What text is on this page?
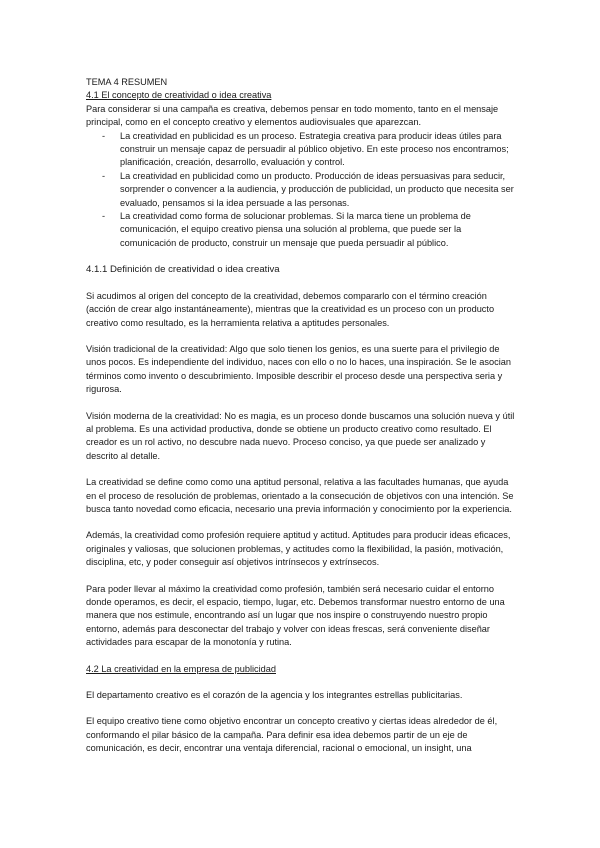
TEMA 4 RESUMEN

4.1 El concepto de creatividad o idea creativa

Para considerar si una campaña es creativa, debemos pensar en todo momento, tanto en el mensaje principal, como en el concepto creativo y elementos audiovisuales que aparezcan.

- La creatividad en publicidad es un proceso. Estrategia creativa para producir ideas útiles para construir un mensaje capaz de persuadir al público objetivo. En este proceso nos encontramos; planificación, creación, desarrollo, evaluación y control.
- La creatividad en publicidad como un producto. Producción de ideas persuasivas para seducir, sorprender o convencer a la audiencia, y producción de publicidad, un producto que necesita ser evaluado, pensamos si la idea persuade a las personas.
- La creatividad como forma de solucionar problemas. Si la marca tiene un problema de comunicación, el equipo creativo piensa una solución al problema, que puede ser la comunicación de producto, construir un mensaje que pueda persuadir al público.

4.1.1 Definición de creatividad o idea creativa

Si acudimos al origen del concepto de la creatividad, debemos compararlo con el término creación (acción de crear algo instantáneamente), mientras que la creatividad es un proceso con un producto creativo como resultado, es la herramienta relativa a aptitudes personales.

Visión tradicional de la creatividad: Algo que solo tienen los genios, es una suerte para el privilegio de unos pocos. Es independiente del individuo, naces con ello o no lo haces, una inspiración. Se le asocian términos como invento o descubrimiento. Imposible describir el proceso desde una perspectiva seria y rigurosa.

Visión moderna de la creatividad: No es magia, es un proceso donde buscamos una solución nueva y útil al problema. Es una actividad productiva, donde se obtiene un producto creativo como resultado. El creador es un rol activo, no descubre nada nuevo. Proceso conciso, ya que puede ser analizado y descrito al detalle.

La creatividad se define como como una aptitud personal, relativa a las facultades humanas, que ayuda en el proceso de resolución de problemas, orientado a la consecución de objetivos con una intención. Se busca tanto novedad como eficacia, necesario una previa información y conocimiento por la experiencia.

Además, la creatividad como profesión requiere aptitud y actitud. Aptitudes para producir ideas eficaces, originales y valiosas, que solucionen problemas, y actitudes como la flexibilidad, la pasión, motivación, disciplina, etc, y poder conseguir así objetivos intrínsecos y extrínsecos.

Para poder llevar al máximo la creatividad como profesión, también será necesario cuidar el entorno donde operamos, es decir, el espacio, tiempo, lugar, etc. Debemos transformar nuestro entorno de una manera que nos estimule, encontrando así un lugar que nos inspire o construyendo nuestro propio entorno, además para desconectar del trabajo y volver con ideas frescas, será conveniente diseñar actividades para escapar de la monotonía y rutina.

4.2 La creatividad en la empresa de publicidad

El departamento creativo es el corazón de la agencia y los integrantes estrellas publicitarias.

El equipo creativo tiene como objetivo encontrar un concepto creativo y ciertas ideas alrededor de él, conformando el pilar básico de la campaña. Para definir esa idea debemos partir de un eje de comunicación, es decir, encontrar una ventaja diferencial, racional o emocional, un insight, una
